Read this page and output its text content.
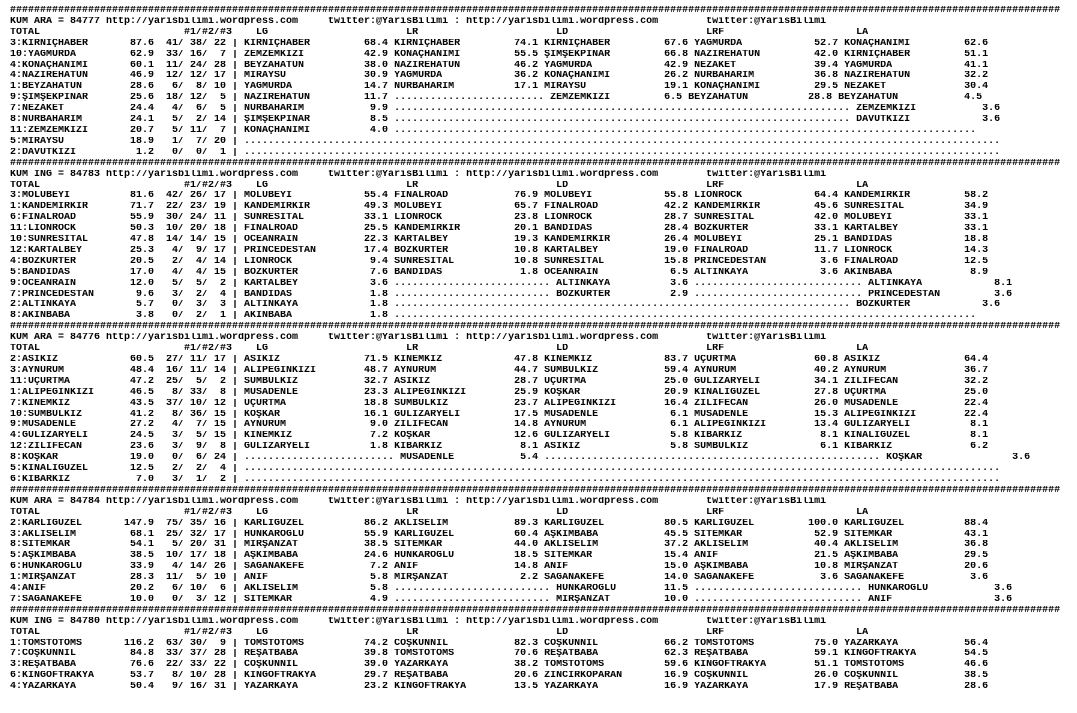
###############################################################################################################################################################################
KUM ARA = 84777 http://yarisbilimi.wordpress.com     twitter:@YarisBilimi : http://yarisbilimi.wordpress.com        twitter:@YarisBilimi
TOTAL                        #1/#2/#3    LG                       LR                       LD                       LRF                      LA
3:KIRNIÇHABER       87.6  41/ 38/ 22 | KIRNIÇHABER         68.4 KIRNIÇHABER         74.1 KIRNIÇHABER         67.6 YAĞMURDA            52.7 KONAÇHANIMI         62.6
10:YAĞMURDA         62.9  33/ 16/  7 | ZEMZEMKIZI          42.9 KONAÇHANIMI         55.5 ŞİMŞEKPINAR         66.8 NAZİREHATUN         42.0 KIRNIÇHABER         51.1
4:KONAÇHANIMI       60.1  11/ 24/ 28 | BEYZAHATUN          38.0 NAZİREHATUN         46.2 YAĞMURDA            42.9 NEZAKET             39.4 YAĞMURDA            41.1
4:NAZİREHATUN       46.9  12/ 12/ 17 | MİRAYSU             30.9 YAĞMURDA            36.2 KONAÇHANIMI         26.2 NURBAHARIM          36.8 NAZİREHATUN         32.2
1:BEYZAHATUN        28.6   6/  8/ 10 | YAĞMURDA            14.7 NURBAHARIM          17.1 MİRAYSU             19.1 KONAÇHANIMI         29.5 NEZAKET             30.4
9:ŞİMŞEKPINAR       25.6  18/ 12/  5 | NAZİREHATUN         11.7 ......................... ZEMZEMKIZI         6.5 BEYZAHATUN          28.8 BEYZAHATUN           4.5
7:NEZAKET           24.4   4/  6/  5 | NURBAHARIM           9.9 ............................................................................ ZEMZEMKIZI           3.6
8:NURBAHARIM        24.1   5/  2/ 14 | ŞİMŞEKPINAR          8.5 ............................................................................ DAVUTKIZI            3.6
11:ZEMZEMKIZI       20.7   5/ 11/  7 | KONAÇHANIMI          4.0 .................................................................................................
5:MİRAYSU           18.9   1/  7/ 20 | ..............................................................................................................................
2:DAVUTKIZI          1.2   0/  0/  1 | ..............................................................................................................................
###############################################################################################################################################################################
KUM ING = 84783 http://yarisbilimi.wordpress.com     twitter:@YarisBilimi : http://yarisbilimi.wordpress.com        twitter:@YarisBilimi
TOTAL                        #1/#2/#3    LG                       LR                       LD                       LRF                      LA
3:MOLUBEYİ          81.6  42/ 26/ 17 | MOLUBEYİ            55.4 FINALROAD           76.9 MOLUBEYİ            55.8 LIONROCK            64.4 KANDEMİRKIR         58.2
1:KANDEMİRKIR       71.7  22/ 23/ 19 | KANDEMİRKIR         49.3 MOLUBEYİ            65.7 FINALROAD           42.2 KANDEMİRKIR         45.6 SUNRESITAL          34.9
6:FINALROAD         55.9  30/ 24/ 11 | SUNRESITAL          33.1 LIONROCK            23.8 LIONROCK            28.7 SUNRESITAL          42.0 MOLUBEYİ            33.1
11:LIONROCK         50.3  10/ 20/ 18 | FINALROAD           25.5 KANDEMİRKIR         20.1 BANDIDAS            28.4 BOZKURTER           33.1 KARTALBEY           33.1
10:SUNRESITAL       47.8  14/ 14/ 15 | OCEANRAIN           22.3 KARTALBEY           19.3 KANDEMİRKIR         26.4 MOLUBEYİ            25.1 BANDIDAS            18.8
12:KARTALBEY        25.3   4/  9/ 17 | PRINCEDESTAN        17.4 BOZKURTER           10.8 KARTALBEY           19.0 FINALROAD           11.7 LIONROCK            14.3
4:BOZKURTER         20.5   2/  4/ 14 | LIONROCK             9.4 SUNRESITAL          10.8 SUNRESITAL          15.8 PRINCEDESTAN         3.6 FINALROAD           12.5
5:BANDIDAS          17.0   4/  4/ 15 | BOZKURTER            7.6 BANDIDAS             1.8 OCEANRAIN            6.5 ALTINKAYA            3.6 AKINBABA             8.9
9:OCEANRAIN         12.0   5/  5/  2 | KARTALBEY            3.6 .......................... ALTINKAYA          3.6 ............................ ALTINKAYA            8.1
7:PRINCEDESTAN       9.6   3/  2/  4 | BANDIDAS             1.8 .......................... BOZKURTER          2.9 ............................ PRINCEDESTAN         3.6
2:ALTINKAYA          5.7   0/  3/  3 | ALTINKAYA            1.8 ............................................................................ BOZKURTER            3.6
8:AKINBABA           3.8   0/  2/  1 | AKINBABA             1.8 .................................................................................................
###############################################################################################################################################################################
KUM ARA = 84776 http://yarisbilimi.wordpress.com     twitter:@YarisBilimi : http://yarisbilimi.wordpress.com        twitter:@YarisBilimi
TOTAL                        #1/#2/#3    LG                       LR                       LD                       LRF                      LA
2:ASIKIZ            60.5  27/ 11/ 17 | ASIKIZ              71.5 KİNEMKIZ            47.8 KİNEMKIZ            83.7 UÇURTMA             60.8 ASIKIZ              64.4
3:AYNURUM           48.4  16/ 11/ 14 | ALİPEĞİNKIZI        48.7 AYNURUM             44.7 SÜMBÜLKIZ           59.4 AYNURUM             40.2 AYNURUM             36.7
11:UÇURTMA          47.2  25/  5/  2 | SÜMBÜLKIZ           32.7 ASIKIZ              28.7 UÇURTMA             25.0 GÜLİZARYELİ         34.1 ZİLİFECAN           32.2
1:ALİPEĞİNKIZI      46.5   8/ 33/  8 | MUSADENLE           23.3 ALİPEĞİNKIZI        25.9 KOŞKAR              20.9 KINALIGÜZEL         27.8 UÇURTMA             25.0
7:KİNEMKIZ          43.5  37/ 10/ 12 | UÇURTMA             18.8 SÜMBÜLKIZ           23.7 ALİPEĞİNKIZI        16.4 ZİLİFECAN           26.0 MUSADENLE           22.4
10:SÜMBÜLKIZ        41.2   8/ 36/ 15 | KOŞKAR              16.1 GÜLİZARYELİ         17.5 MUSADENLE            6.1 MUSADENLE           15.3 ALİPEĞİNKIZI        22.4
9:MUSADENLE         27.2   4/  7/ 15 | AYNURUM              9.0 ZİLİFECAN           14.8 AYNURUM              6.1 ALİPEĞİNKIZI        13.4 GÜLİZARYELİ          8.1
4:GÜLİZARYELİ       24.5   3/  5/ 15 | KİNEMKIZ             7.2 KOŞKAR              12.6 GÜLİZARYELİ          5.8 KİBARKIZ             8.1 KINALIGÜZEL          8.1
12:ZİLİFECAN        23.6   3/  9/  8 | GÜLİZARYELİ          1.8 KİBARKIZ             8.1 ASIKIZ               5.8 SÜMBÜLKIZ            6.1 KİBARKIZ             6.2
8:KOŞKAR            19.0   0/  6/ 24 | ......................... MUSADENLE           5.4 ........................................................ KOŞKAR               3.6
5:KINALIGÜZEL       12.5   2/  2/  4 | ..............................................................................................................................
6:KİBARKIZ           7.0   3/  1/  2 | ..............................................................................................................................
###############################################################################################################################################################################
KUM ARA = 84784 http://yarisbilimi.wordpress.com     twitter:@YarisBilimi : http://yarisbilimi.wordpress.com        twitter:@YarisBilimi
TOTAL                        #1/#2/#3    LG                       LR                       LD                       LRF                      LA
2:KARLIGÜZEL       147.9  75/ 35/ 16 | KARLIGÜZEL          86.2 AKLISELİM           89.3 KARLIGÜZEL          80.5 KARLIGÜZEL         100.0 KARLIGÜZEL          88.4
3:AKLISELİM         68.1  25/ 32/ 17 | HÜNKAROĞLU          55.9 KARLIGÜZEL          60.4 AŞKIMBABA           45.5 SİTEMKAR            52.9 SİTEMKAR            43.1
8:SİTEMKAR          54.1   5/ 20/ 31 | MİRŞANZAT           38.5 SİTEMKAR            44.0 AKLISELİM           37.2 AKLISELİM           40.4 AKLISELİM           36.8
5:AŞKIMBABA         38.5  10/ 17/ 18 | AŞKIMBABA           24.6 HÜNKAROĞLU          18.5 SİTEMKAR            15.4 ANİF                21.5 AŞKIMBABA           29.5
6:HÜNKAROĞLU        33.9   4/ 14/ 26 | SAĞANAKEFE           7.2 ANİF                14.8 ANİF                15.0 AŞKIMBABA           10.8 MİRŞANZAT           20.6
1:MİRŞANZAT         28.3  11/  5/ 10 | ANİF                 5.8 MİRŞANZAT            2.2 SAĞANAKEFE          14.0 SAĞANAKEFE           3.6 SAĞANAKEFE           3.6
4:ANİF              20.2   6/ 10/  6 | AKLISELİM            5.8 .......................... HÜNKAROĞLU        11.5 ............................ HÜNKAROĞLU           3.6
7:SAĞANAKEFE        10.0   0/  3/ 12 | SİTEMKAR             4.9 .......................... MİRŞANZAT         10.0 ............................ ANİF                 3.6
###############################################################################################################################################################################
KUM ING = 84780 http://yarisbilimi.wordpress.com     twitter:@YarisBilimi : http://yarisbilimi.wordpress.com        twitter:@YarisBilimi
TOTAL                        #1/#2/#3    LG                       LR                       LD                       LRF                      LA
1:TOMSTOTOMS       116.2  63/ 30/  9 | TOMSTOTOMS          74.2 COŞKUNNİL           82.3 COŞKUNNİL           66.2 TOMSTOTOMS          75.0 YAZARKAYA           56.4
7:COŞKUNNİL         84.8  33/ 37/ 28 | REŞATBABA           39.8 TOMSTOTOMS          70.6 REŞATBABA           62.3 REŞATBABA           59.1 KINGOFTRAKYA        54.5
3:REŞATBABA         76.6  22/ 33/ 22 | COŞKUNNİL           39.0 YAZARKAYA           38.2 TOMSTOTOMS          59.6 KINGOFTRAKYA        51.1 TOMSTOTOMS          46.6
6:KINGOFTRAKYA      53.7   8/ 10/ 28 | KINGOFTRAKYA        29.7 REŞATBABA           20.6 ZİNCİRKOPARAN       16.9 COŞKUNNİL           26.0 COŞKUNNİL           38.5
4:YAZARKAYA         50.4   9/ 16/ 31 | YAZARKAYA           23.2 KINGOFTRAKYA        13.5 YAZARKAYA           16.9 YAZARKAYA           17.9 REŞATBABA           28.6
